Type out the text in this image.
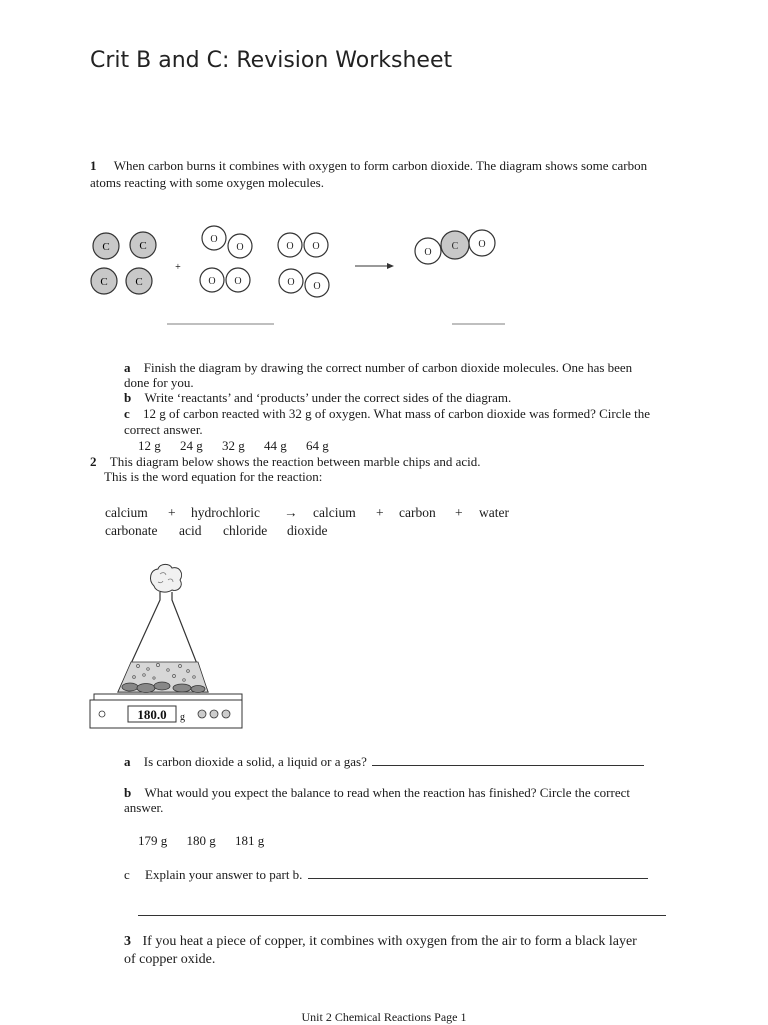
Crit B and C: Revision Worksheet
1 When carbon burns it combines with oxygen to form carbon dioxide. The diagram shows some carbon
atoms reacting with some oxygen molecules.
C	C
C	C
+
O
O	O O
O O	O O
O
O
C
a Finish the diagram by drawing the correct number of carbon dioxide molecules. One has been
done for you.
b Write ‘reactants’ and ‘products’ under the correct sides of the diagram.
c 12 g of carbon reacted with 32 g of oxygen. What mass of carbon dioxide was formed? Circle the
correct answer.
12 g 24 g 32 g 44 g 64 g
2 This diagram below shows the reaction between marble chips and acid.
This is the word equation for the reaction:
calcium + hydrochloric → calcium + carbon + water
carbonate acid chloride dioxide
180.0 g
a Is carbon dioxide a solid, a liquid or a gas?
b What would you expect the balance to read when the reaction has finished? Circle the correct
answer.
179 g 180 g 181 g
c Explain your answer to part b.
3 If you heat a piece of copper, it combines with oxygen from the air to form a black layer
of copper oxide.
Unit 2 Chemical Reactions Page 1
